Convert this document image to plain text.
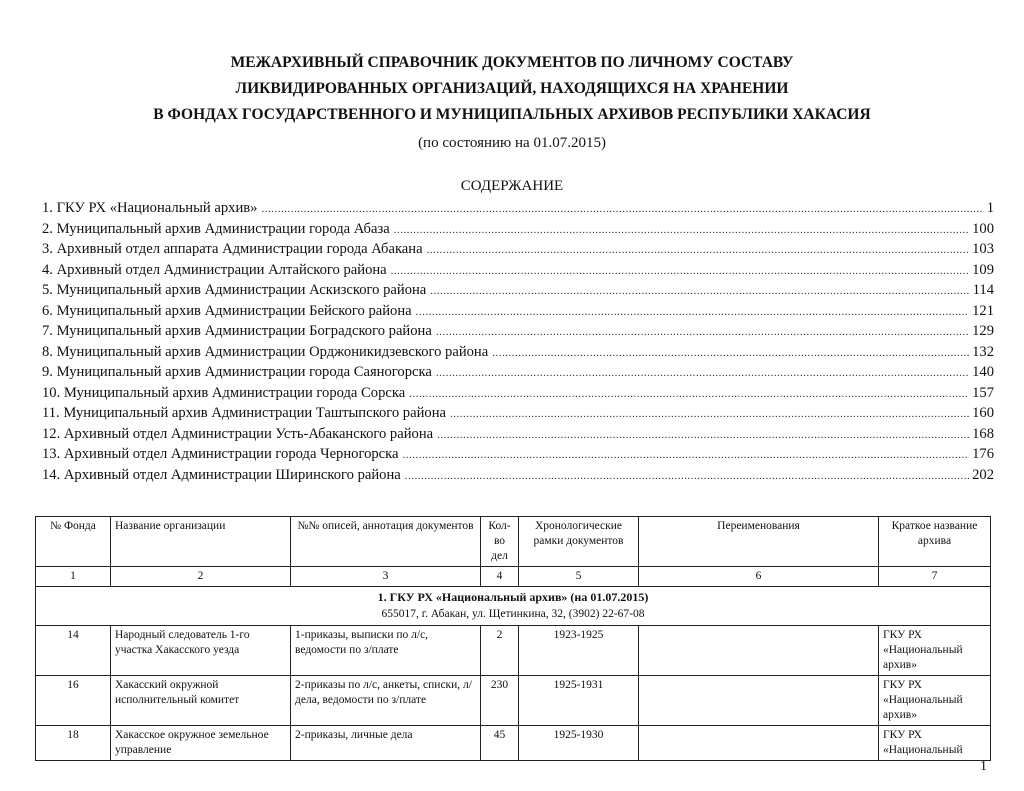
МЕЖАРХИВНЫЙ СПРАВОЧНИК ДОКУМЕНТОВ ПО ЛИЧНОМУ СОСТАВУ
ЛИКВИДИРОВАННЫХ ОРГАНИЗАЦИЙ, НАХОДЯЩИХСЯ НА ХРАНЕНИИ
В ФОНДАХ ГОСУДАРСТВЕННОГО И МУНИЦИПАЛЬНЫХ АРХИВОВ РЕСПУБЛИКИ ХАКАСИЯ
(по состоянию на 01.07.2015)
СОДЕРЖАНИЕ
1. ГКУ РХ «Национальный архив» .....	1
2. Муниципальный архив Администрации города Абаза .....	100
3. Архивный отдел аппарата Администрации города Абакана .....	103
4. Архивный отдел Администрации Алтайского района .....	109
5. Муниципальный архив Администрации Аскизского района .....	114
6. Муниципальный архив Администрации Бейского района .....	121
7. Муниципальный архив Администрации Боградского района .....	129
8. Муниципальный архив Администрации Орджоникидзевского района .....	132
9. Муниципальный архив Администрации города Саяногорска .....	140
10. Муниципальный архив Администрации города Сорска .....	157
11. Муниципальный архив Администрации Таштыпского района .....	160
12. Архивный отдел Администрации Усть-Абаканского района .....	168
13. Архивный отдел Администрации города Черногорска .....	176
14. Архивный отдел Администрации Ширинского района .....	202
№ Фонда	Название организации	№№ описей, аннотация документов	Кол-во дел	Хронологические рамки документов	Переименования	Краткое название архива
1	2	3	4	5	6	7

1. ГКУ РХ «Национальный архив» (на 01.07.2015)
655017, г. Абакан, ул. Щетинкина, 32, (3902) 22-67-08						

14	Народный следователь 1-го участка Хакасского уезда	1-приказы, выписки по л/с, ведомости по з/плате	2	1923-1925		ГКУ РХ «Национальный архив»
16	Хакасский окружной исполнительный комитет	2-приказы по л/с, анкеты, списки, л/дела, ведомости по з/плате	230	1925-1931		ГКУ РХ «Национальный архив»
18	Хакасское окружное земельное управление	2-приказы, личные дела	45	1925-1930		ГКУ РХ «Национальный
1
